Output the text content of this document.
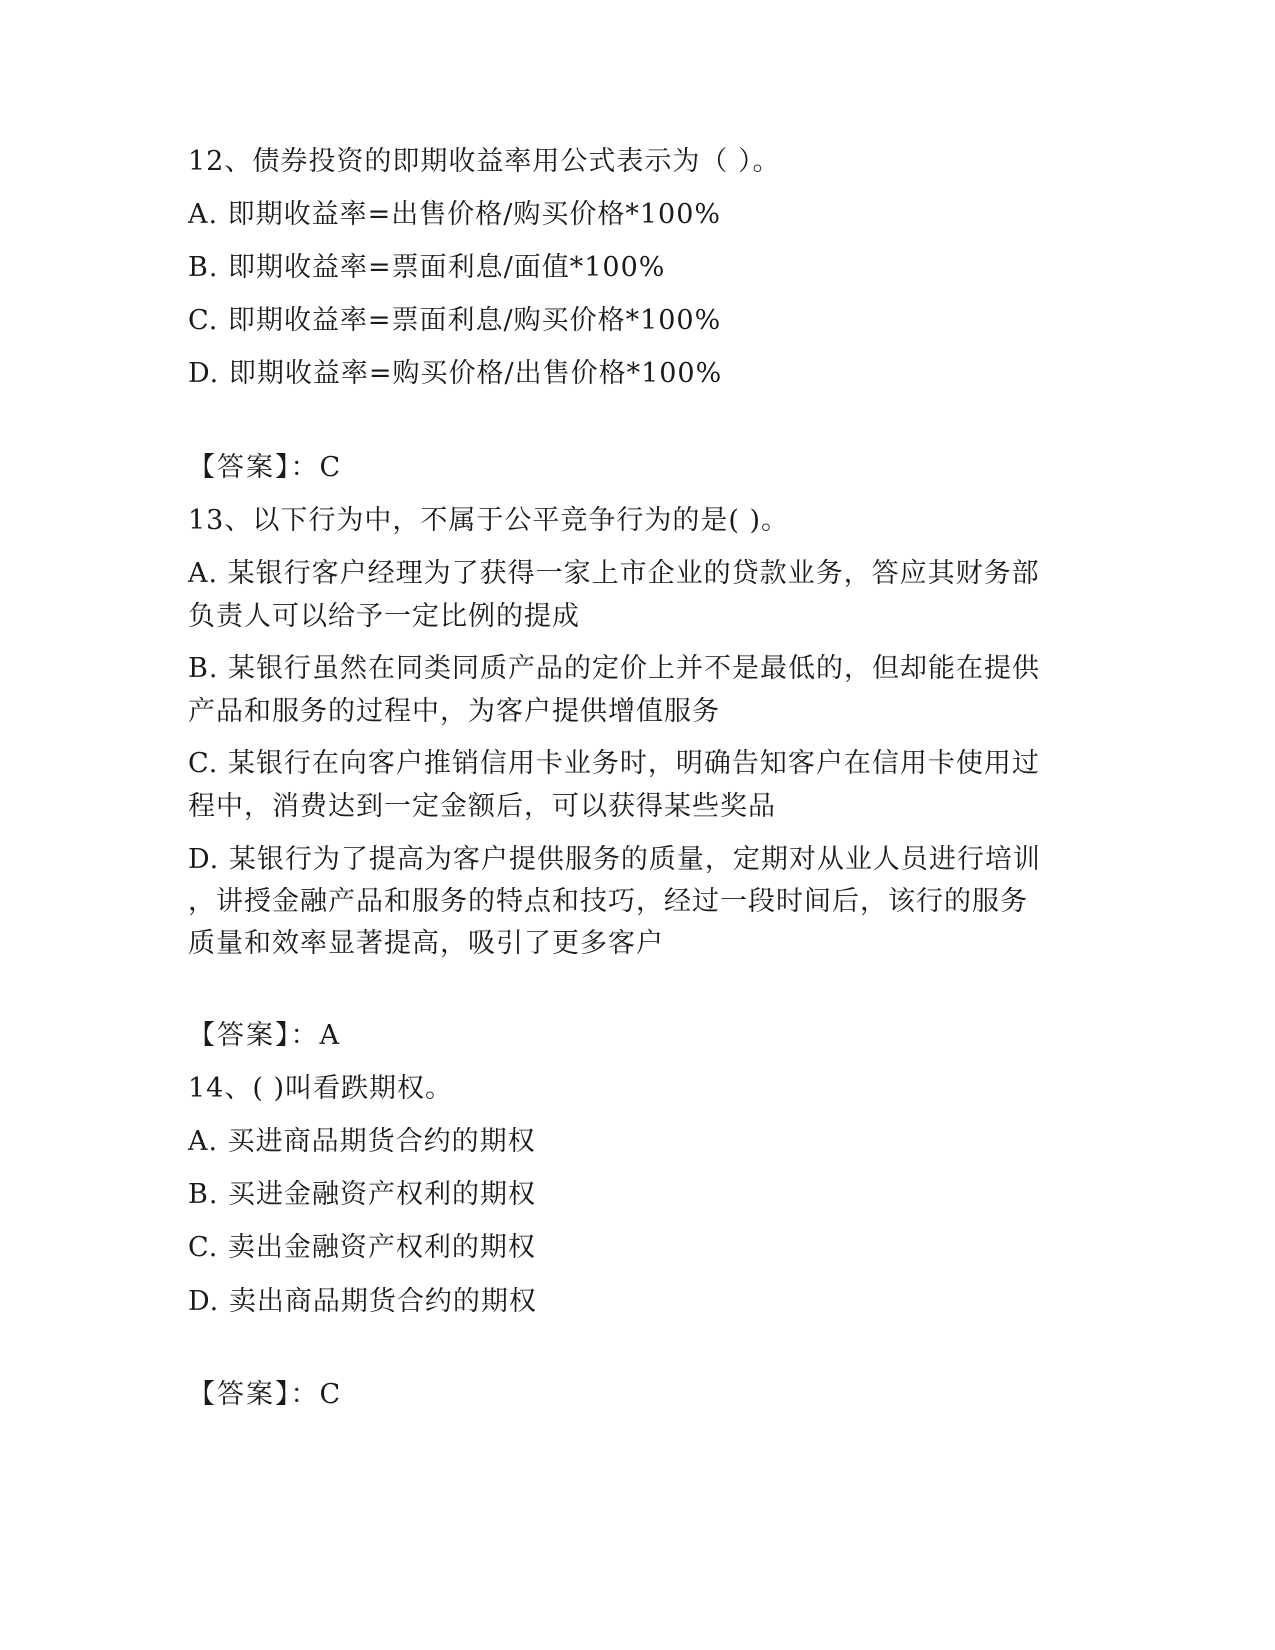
12、债券投资的即期收益率用公式表示为（ ）。
A. 即期收益率=出售价格/购买价格*100%
B. 即期收益率=票面利息/面值*100%
C. 即期收益率=票面利息/购买价格*100%
D. 即期收益率=购买价格/出售价格*100%
【答案】：C
13、以下行为中，不属于公平竞争行为的是( )。
A. 某银行客户经理为了获得一家上市企业的贷款业务，答应其财务部
负责人可以给予一定比例的提成
B. 某银行虽然在同类同质产品的定价上并不是最低的，但却能在提供
产品和服务的过程中，为客户提供增值服务
C. 某银行在向客户推销信用卡业务时，明确告知客户在信用卡使用过
程中，消费达到一定金额后，可以获得某些奖品
D. 某银行为了提高为客户提供服务的质量，定期对从业人员进行培训
，讲授金融产品和服务的特点和技巧，经过一段时间后，该行的服务
质量和效率显著提高，吸引了更多客户
【答案】：A
14、( )叫看跌期权。
A. 买进商品期货合约的期权
B. 买进金融资产权利的期权
C. 卖出金融资产权利的期权
D. 卖出商品期货合约的期权
【答案】：C
